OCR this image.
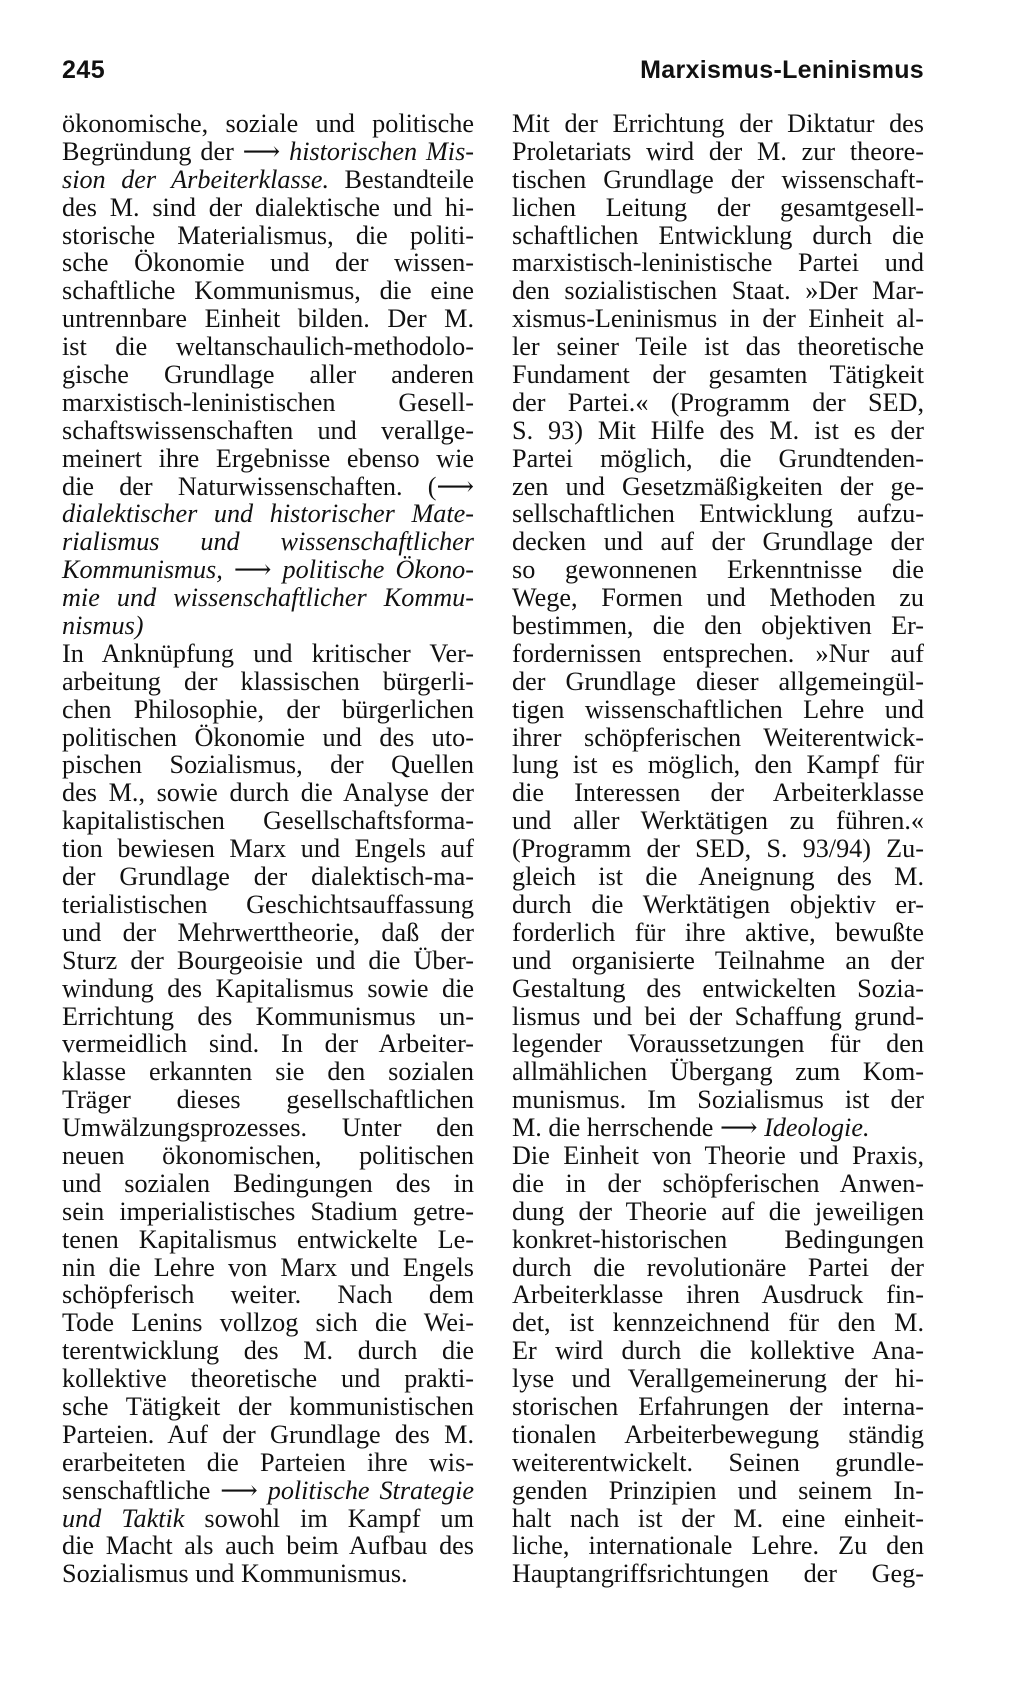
245	Marxismus-Leninismus
ökonomische, soziale und politische
Begründung der ⟶ historischen Mis-
sion der Arbeiterklasse. Bestandteile
des M. sind der dialektische und hi-
storische Materialismus, die politi-
sche Ökonomie und der wissen-
schaftliche Kommunismus, die eine
untrennbare Einheit bilden. Der M.
ist die weltanschaulich-methodolo-
gische Grundlage aller anderen
marxistisch-leninistischen Gesell-
schaftswissenschaften und verallge-
meinert ihre Ergebnisse ebenso wie
die der Naturwissenschaften. (⟶
dialektischer und historischer Mate-
rialismus und wissenschaftlicher
Kommunismus, ⟶ politische Ökono-
mie und wissenschaftlicher Kommu-
nismus)
In Anknüpfung und kritischer Ver-
arbeitung der klassischen bürgerli-
chen Philosophie, der bürgerlichen
politischen Ökonomie und des uto-
pischen Sozialismus, der Quellen
des M., sowie durch die Analyse der
kapitalistischen Gesellschaftsforma-
tion bewiesen Marx und Engels auf
der Grundlage der dialektisch-ma-
terialistischen Geschichtsauffassung
und der Mehrwerttheorie, daß der
Sturz der Bourgeoisie und die Über-
windung des Kapitalismus sowie die
Errichtung des Kommunismus un-
vermeidlich sind. In der Arbeiter-
klasse erkannten sie den sozialen
Träger dieses gesellschaftlichen
Umwälzungsprozesses. Unter den
neuen ökonomischen, politischen
und sozialen Bedingungen des in
sein imperialistisches Stadium getre-
tenen Kapitalismus entwickelte Le-
nin die Lehre von Marx und Engels
schöpferisch weiter. Nach dem
Tode Lenins vollzog sich die Wei-
terentwicklung des M. durch die
kollektive theoretische und prakti-
sche Tätigkeit der kommunistischen
Parteien. Auf der Grundlage des M.
erarbeiteten die Parteien ihre wis-
senschaftliche ⟶ politische Strategie
und Taktik sowohl im Kampf um
die Macht als auch beim Aufbau des
Sozialismus und Kommunismus.
Mit der Errichtung der Diktatur des
Proletariats wird der M. zur theore-
tischen Grundlage der wissenschaft-
lichen Leitung der gesamtgesell-
schaftlichen Entwicklung durch die
marxistisch-leninistische Partei und
den sozialistischen Staat. »Der Mar-
xismus-Leninismus in der Einheit al-
ler seiner Teile ist das theoretische
Fundament der gesamten Tätigkeit
der Partei.« (Programm der SED,
S. 93) Mit Hilfe des M. ist es der
Partei möglich, die Grundtenden-
zen und Gesetzmäßigkeiten der ge-
sellschaftlichen Entwicklung aufzu-
decken und auf der Grundlage der
so gewonnenen Erkenntnisse die
Wege, Formen und Methoden zu
bestimmen, die den objektiven Er-
fordernissen entsprechen. »Nur auf
der Grundlage dieser allgemeingül-
tigen wissenschaftlichen Lehre und
ihrer schöpferischen Weiterentwick-
lung ist es möglich, den Kampf für
die Interessen der Arbeiterklasse
und aller Werktätigen zu führen.«
(Programm der SED, S. 93/94) Zu-
gleich ist die Aneignung des M.
durch die Werktätigen objektiv er-
forderlich für ihre aktive, bewußte
und organisierte Teilnahme an der
Gestaltung des entwickelten Sozia-
lismus und bei der Schaffung grund-
legender Voraussetzungen für den
allmählichen Übergang zum Kom-
munismus. Im Sozialismus ist der
M. die herrschende ⟶ Ideologie.
Die Einheit von Theorie und Praxis,
die in der schöpferischen Anwen-
dung der Theorie auf die jeweiligen
konkret-historischen Bedingungen
durch die revolutionäre Partei der
Arbeiterklasse ihren Ausdruck fin-
det, ist kennzeichnend für den M.
Er wird durch die kollektive Ana-
lyse und Verallgemeinerung der hi-
storischen Erfahrungen der interna-
tionalen Arbeiterbewegung ständig
weiterentwickelt. Seinen grundle-
genden Prinzipien und seinem In-
halt nach ist der M. eine einheit-
liche, internationale Lehre. Zu den
Hauptangriffsrichtungen der Geg-
